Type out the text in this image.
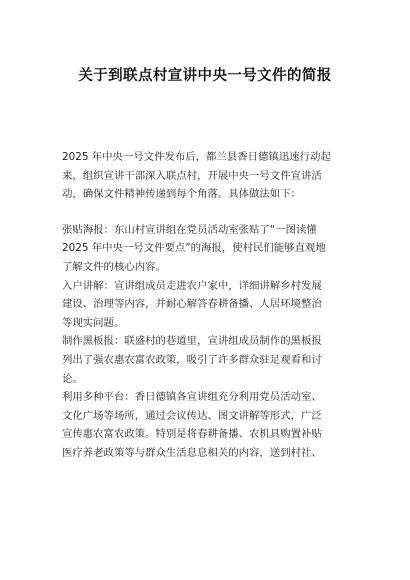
关于到联点村宣讲中央一号文件的简报

2025 年中央一号文件发布后，都兰县香日德镇迅速行动起
来，组织宣讲干部深入联点村，开展中央一号文件宣讲活
动，确保文件精神传递到每个角落。具体做法如下：

张贴海报：东山村宣讲组在党员活动室张贴了“一图读懂
2025 年中央一号文件要点”的海报，使村民们能够直观地
了解文件的核心内容。

入户讲解：宣讲组成员走进农户家中，详细讲解乡村发展
建设、治理等内容，并耐心解答春耕备播、人居环境整治
等现实问题。

制作黑板报：联盛村的巷道里，宣讲组成员制作的黑板报
列出了强农惠农富农政策，吸引了许多群众驻足观看和讨
论。

利用多种平台：香日德镇各宣讲组充分利用党员活动室、
文化广场等场所，通过会议传达、图文讲解等形式，广泛
宣传惠农富农政策。特别是将春耕备播、农机具购置补贴
医疗养老政策等与群众生活息息相关的内容，送到村社、
